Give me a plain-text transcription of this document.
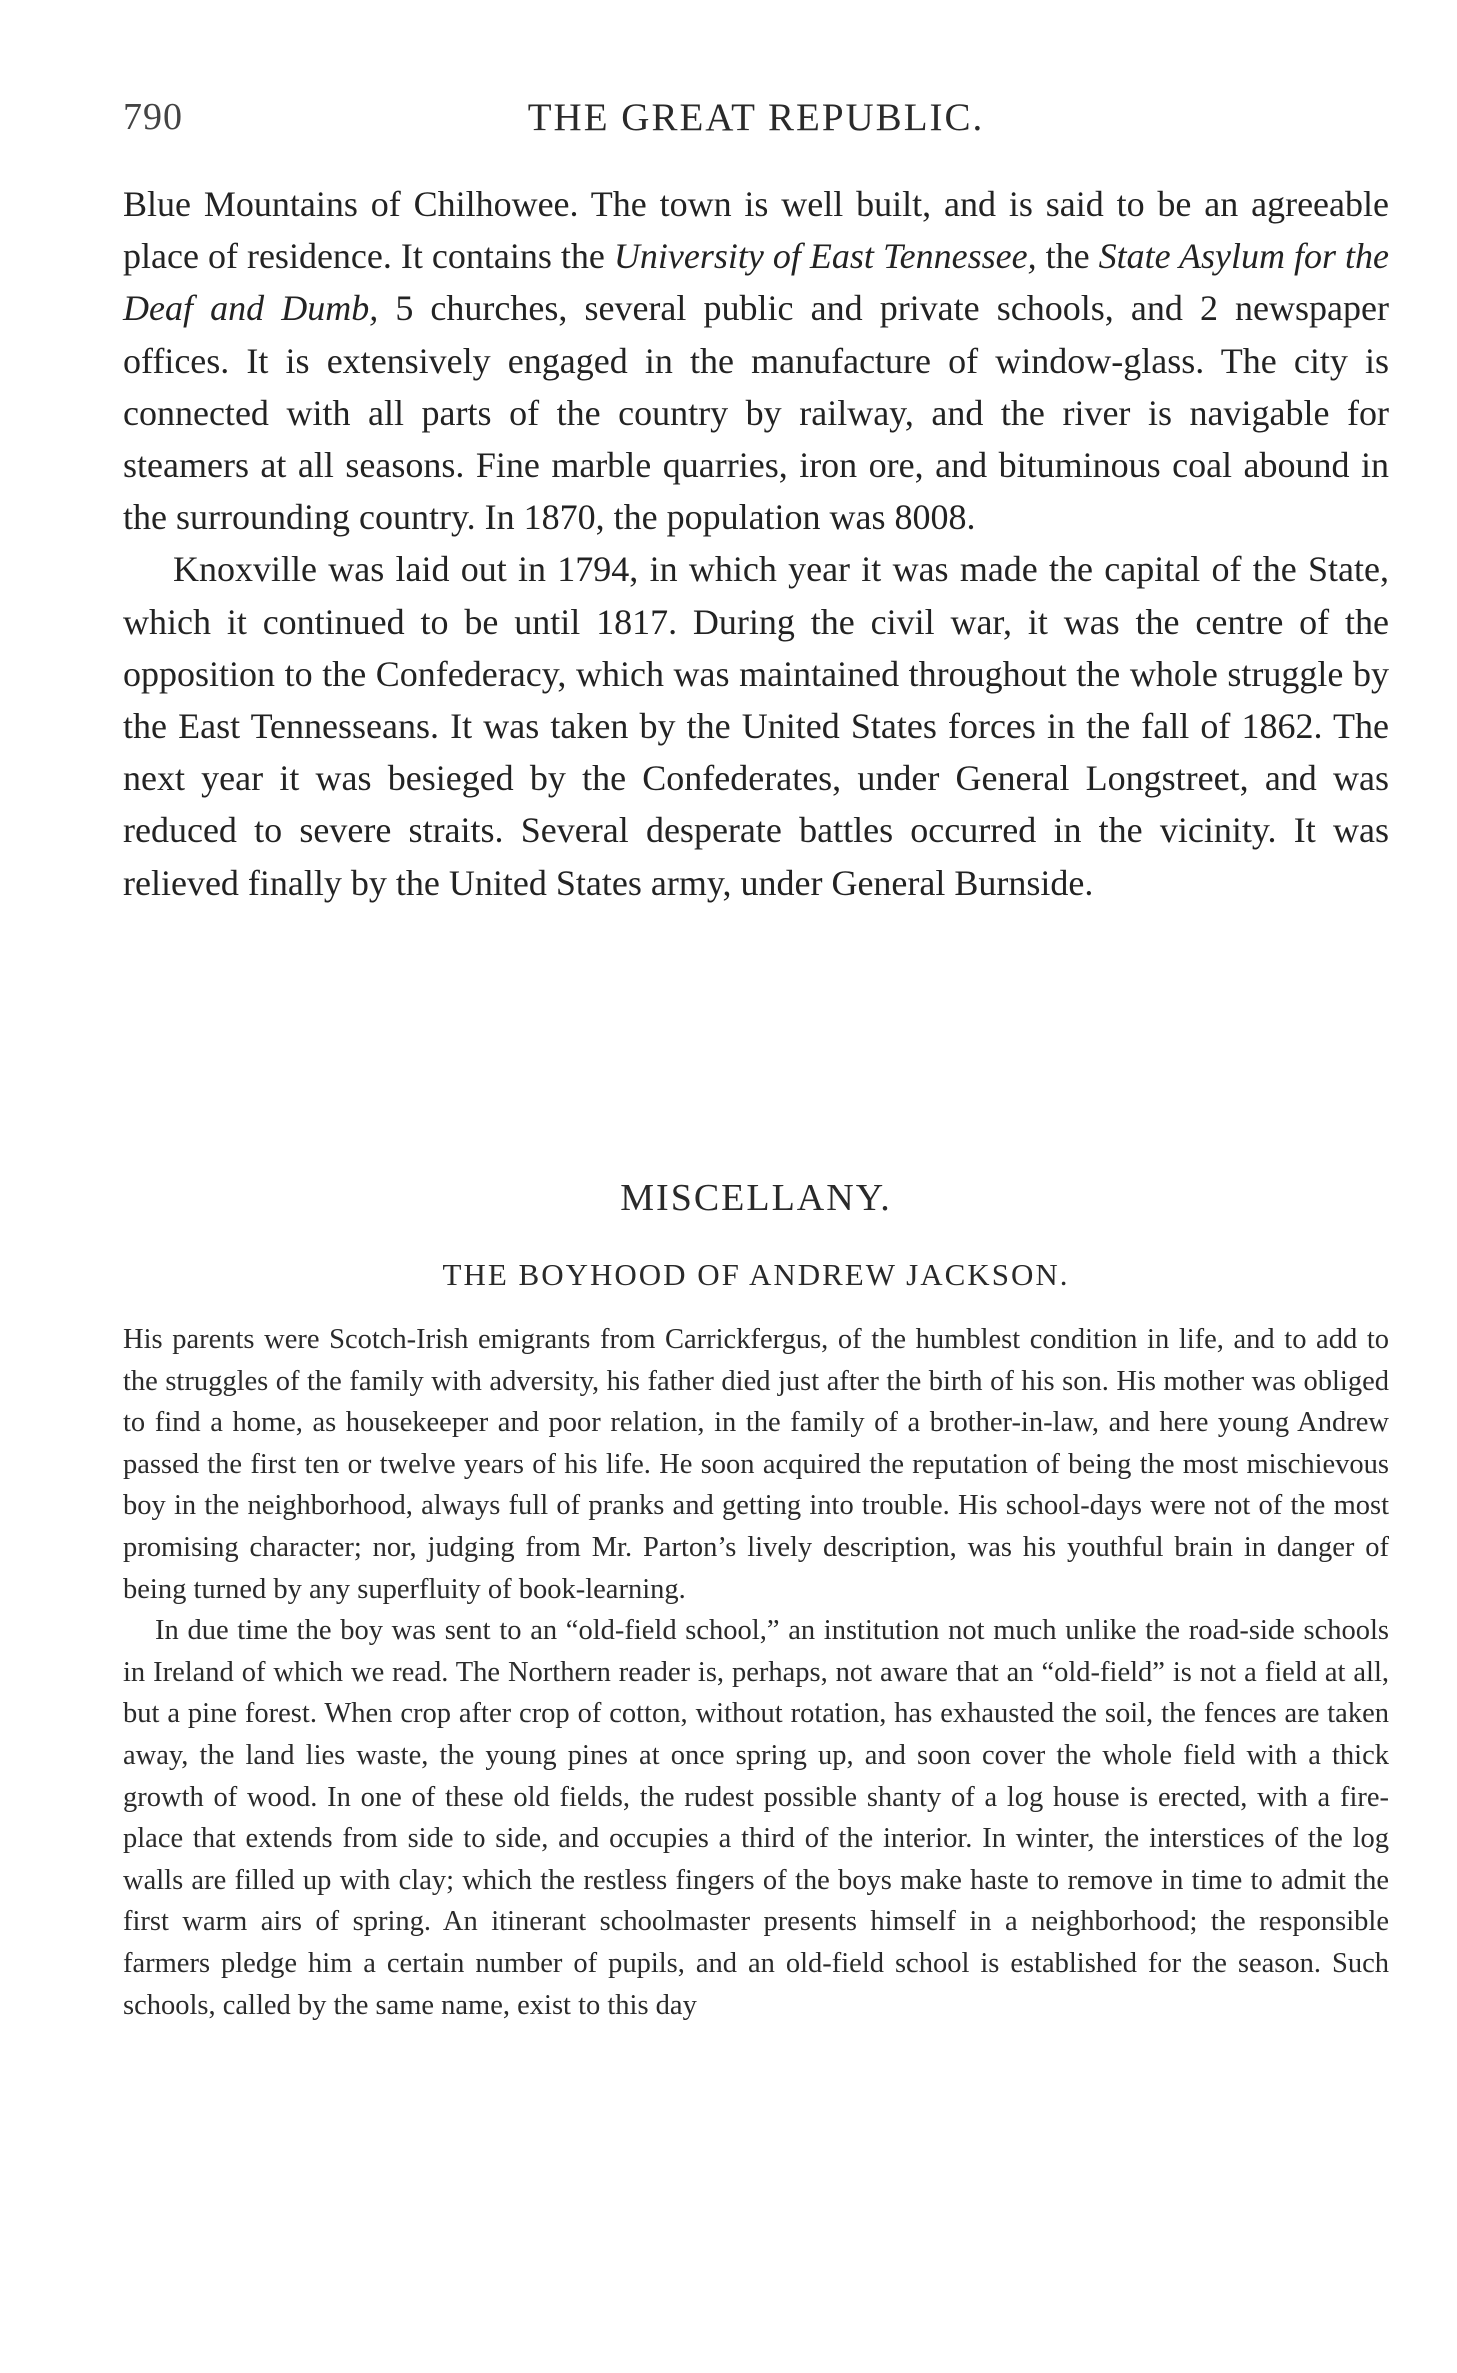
790	THE GREAT REPUBLIC.

Blue Mountains of Chilhowee. The town is well built, and is said to be an agreeable place of residence. It contains the University of East Tennessee, the State Asylum for the Deaf and Dumb, 5 churches, several public and private schools, and 2 newspaper offices. It is extensively engaged in the manufacture of window-glass. The city is connected with all parts of the country by railway, and the river is navigable for steamers at all seasons. Fine marble quarries, iron ore, and bituminous coal abound in the surrounding country. In 1870, the population was 8008.

Knoxville was laid out in 1794, in which year it was made the capital of the State, which it continued to be until 1817. During the civil war, it was the centre of the opposition to the Confederacy, which was maintained throughout the whole struggle by the East Tennesseans. It was taken by the United States forces in the fall of 1862. The next year it was besieged by the Confederates, under General Longstreet, and was reduced to severe straits. Several desperate battles occurred in the vicinity. It was relieved finally by the United States army, under General Burnside.

MISCELLANY.
THE BOYHOOD OF ANDREW JACKSON.

His parents were Scotch-Irish emigrants from Carrickfergus, of the humblest condition in life, and to add to the struggles of the family with adversity, his father died just after the birth of his son. His mother was obliged to find a home, as housekeeper and poor relation, in the family of a brother-in-law, and here young Andrew passed the first ten or twelve years of his life. He soon acquired the reputation of being the most mischievous boy in the neighborhood, always full of pranks and getting into trouble. His school-days were not of the most promising character; nor, judging from Mr. Parton’s lively description, was his youthful brain in danger of being turned by any superfluity of book-learning.

In due time the boy was sent to an “old-field school,” an institution not much unlike the road-side schools in Ireland of which we read. The Northern reader is, perhaps, not aware that an “old-field” is not a field at all, but a pine forest. When crop after crop of cotton, without rotation, has exhausted the soil, the fences are taken away, the land lies waste, the young pines at once spring up, and soon cover the whole field with a thick growth of wood. In one of these old fields, the rudest possible shanty of a log house is erected, with a fire-place that extends from side to side, and occupies a third of the interior. In winter, the interstices of the log walls are filled up with clay; which the restless fingers of the boys make haste to remove in time to admit the first warm airs of spring. An itinerant schoolmaster presents himself in a neighborhood; the responsible farmers pledge him a certain number of pupils, and an old-field school is established for the season. Such schools, called by the same name, exist to this day
